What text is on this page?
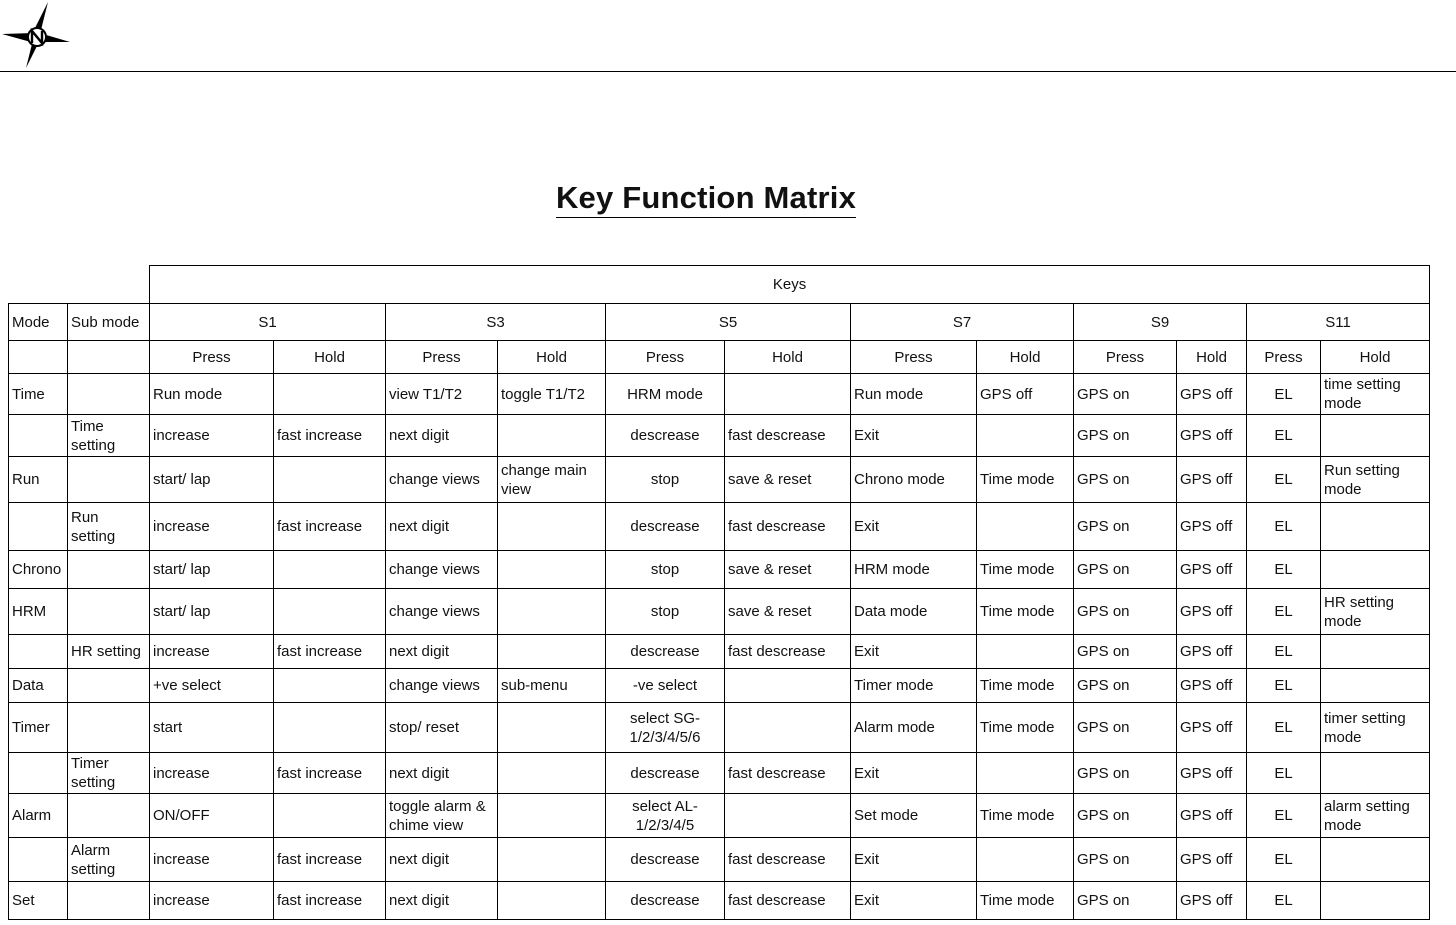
Key Function Matrix
		Keys											
Mode	Sub mode	S1		S3		S5		S7		S9		S11	
		Press	Hold	Press	Hold	Press	Hold	Press	Hold	Press	Hold	Press	Hold
Time		Run mode		view T1/T2	toggle T1/T2	HRM mode		Run mode	GPS off	GPS on	GPS off	EL	time setting mode
	Time setting	increase	fast increase	next digit		descrease	fast descrease	Exit		GPS on	GPS off	EL	
Run		start/ lap		change views	change main view	stop	save & reset	Chrono mode	Time mode	GPS on	GPS off	EL	Run setting mode
	Run setting	increase	fast increase	next digit		descrease	fast descrease	Exit		GPS on	GPS off	EL	
Chrono		start/ lap		change views		stop	save & reset	HRM mode	Time mode	GPS on	GPS off	EL	
HRM		start/ lap		change views		stop	save & reset	Data mode	Time mode	GPS on	GPS off	EL	HR setting mode
	HR setting	increase	fast increase	next digit		descrease	fast descrease	Exit		GPS on	GPS off	EL	
Data		+ve select		change views	sub-menu	-ve select		Timer mode	Time mode	GPS on	GPS off	EL	
Timer		start		stop/ reset		select SG-1/2/3/4/5/6		Alarm mode	Time mode	GPS on	GPS off	EL	timer setting mode
	Timer setting	increase	fast increase	next digit		descrease	fast descrease	Exit		GPS on	GPS off	EL	
Alarm		ON/OFF		toggle alarm & chime view		select AL-1/2/3/4/5		Set mode	Time mode	GPS on	GPS off	EL	alarm setting mode
	Alarm setting	increase	fast increase	next digit		descrease	fast descrease	Exit		GPS on	GPS off	EL	
Set		increase	fast increase	next digit		descrease	fast descrease	Exit	Time mode	GPS on	GPS off	EL	
